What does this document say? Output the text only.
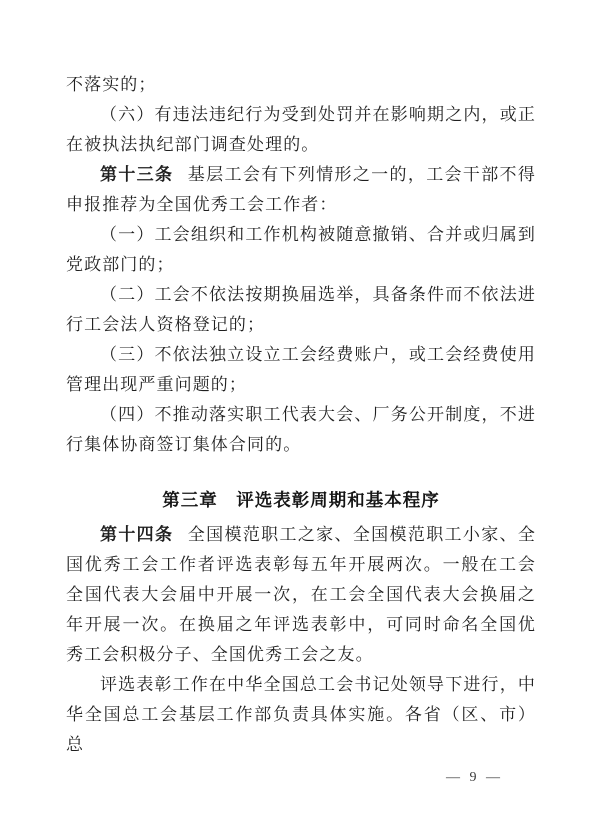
不落实的；

（六）有违法违纪行为受到处罚并在影响期之内，或正在被执法执纪部门调查处理的。

第十三条 基层工会有下列情形之一的，工会干部不得申报推荐为全国优秀工会工作者：

（一）工会组织和工作机构被随意撤销、合并或归属到党政部门的；

（二）工会不依法按期换届选举，具备条件而不依法进行工会法人资格登记的；

（三）不依法独立设立工会经费账户，或工会经费使用管理出现严重问题的；

（四）不推动落实职工代表大会、厂务公开制度，不进行集体协商签订集体合同的。

第三章　评选表彰周期和基本程序

第十四条 全国模范职工之家、全国模范职工小家、全国优秀工会工作者评选表彰每五年开展两次。一般在工会全国代表大会届中开展一次，在工会全国代表大会换届之年开展一次。在换届之年评选表彰中，可同时命名全国优秀工会积极分子、全国优秀工会之友。

评选表彰工作在中华全国总工会书记处领导下进行，中华全国总工会基层工作部负责具体实施。各省（区、市）总

— 9 —
